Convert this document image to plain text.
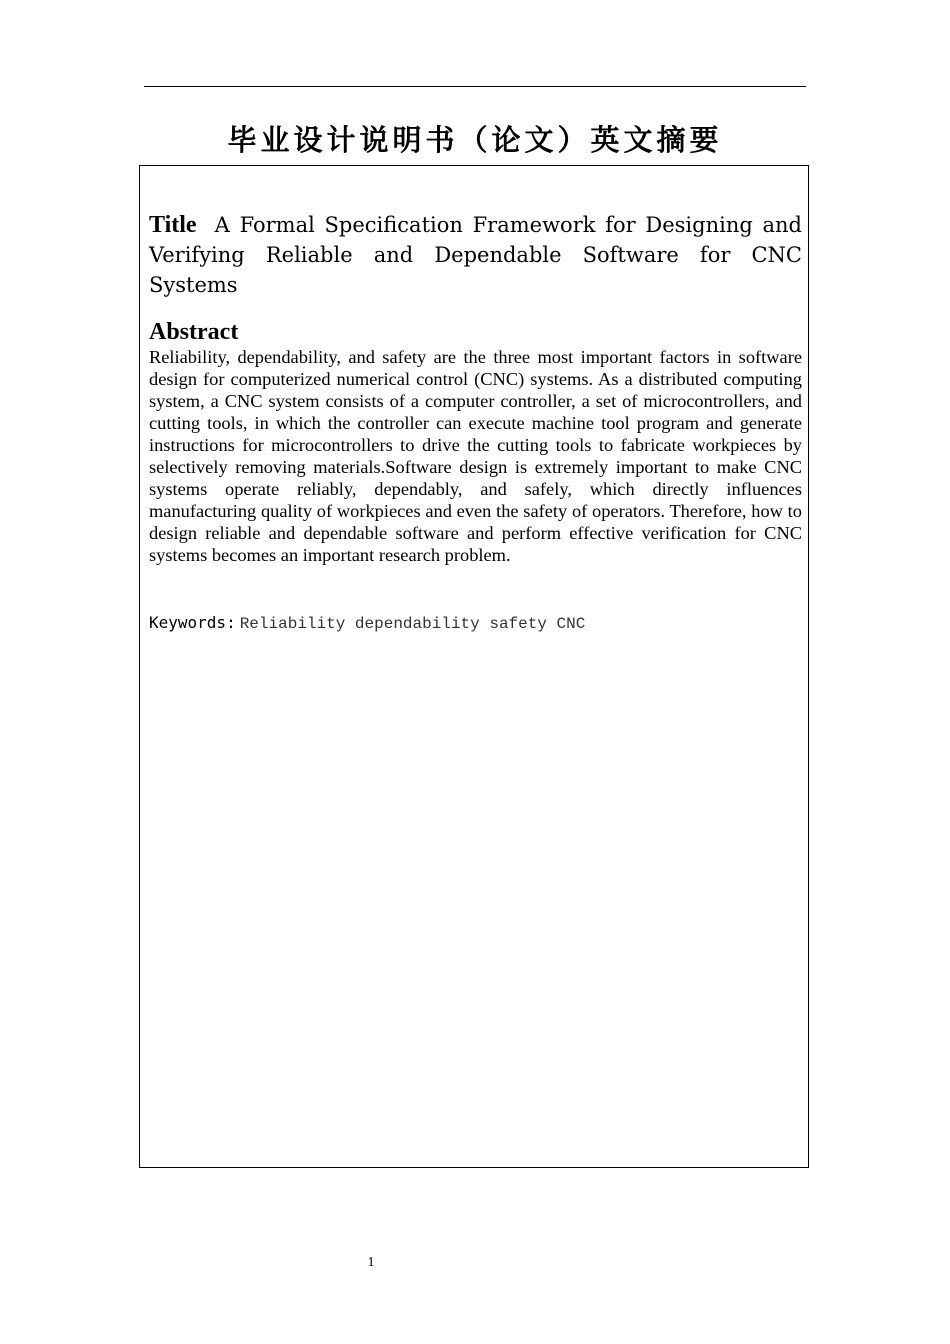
毕业设计说明书（论文）英文摘要
Title A Formal Specification Framework for Designing and Verifying Reliable and Dependable Software for CNC Systems
Abstract

Reliability, dependability, and safety are the three most important factors in software design for computerized numerical control (CNC) systems. As a distributed computing system, a CNC system consists of a computer controller, a set of microcontrollers, and cutting tools, in which the controller can execute machine tool program and generate instructions for microcontrollers to drive the cutting tools to fabricate workpieces by selectively removing materials.Software design is extremely important to make CNC systems operate reliably, dependably, and safely, which directly influences manufacturing quality of workpieces and even the safety of operators. Therefore, how to design reliable and dependable software and perform effective verification for CNC systems becomes an important research problem.

Keywords: Reliability dependability safety CNC
1
